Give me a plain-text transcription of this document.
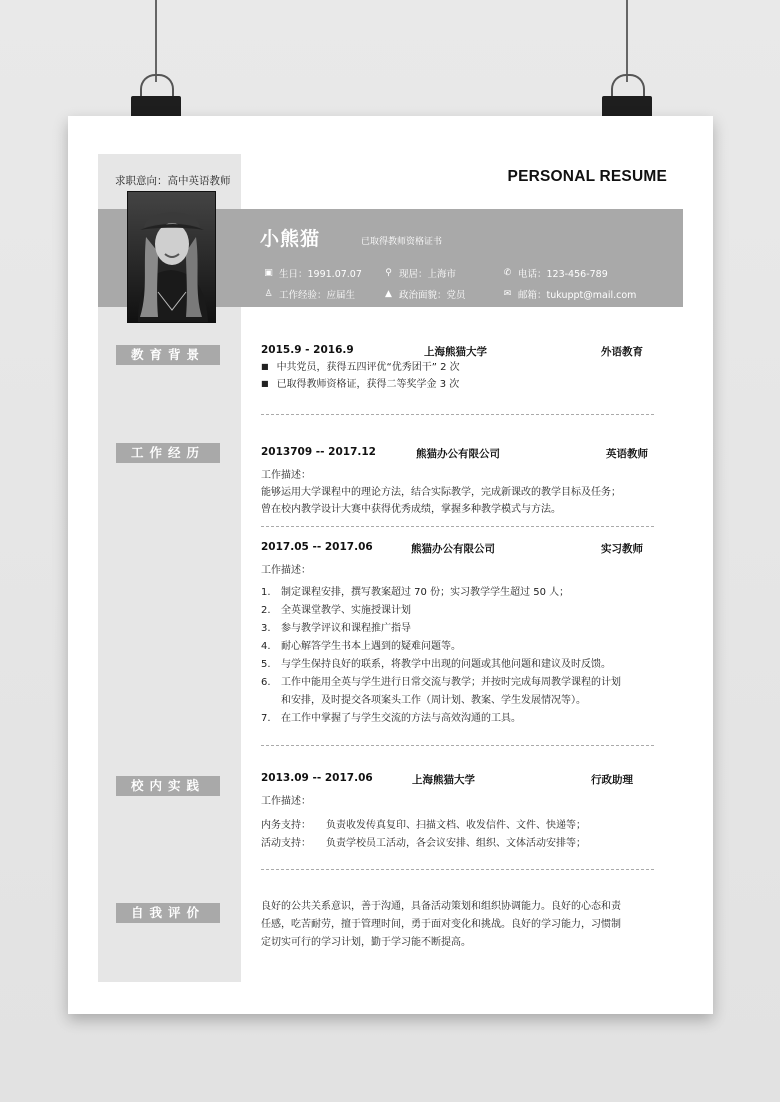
求职意向：高中英语教师	PERSONAL RESUME
小熊猫	已取得教师资格证书
▣ 生日：1991.07.07	⚲ 现居：上海市	✆ 电话：123-456-789
♙ 工作经验：应届生	▲ 政治面貌：党员	✉ 邮箱：tukuppt@mail.com
教育背景
工作经历
校内实践
自我评价
2015.9 - 2016.9	上海熊猫大学	外语教育
■ 中共党员，获得五四评优“优秀团干” 2 次
■ 已取得教师资格证，获得二等奖学金 3 次
2013709 -- 2017.12	熊猫办公有限公司	英语教师
工作描述：
能够运用大学课程中的理论方法，结合实际教学，完成新课改的教学目标及任务；
曾在校内教学设计大赛中获得优秀成绩，掌握多种教学模式与方法。
2017.05 -- 2017.06	熊猫办公有限公司	实习教师
工作描述：
1. 制定课程安排，撰写教案超过 70 份；实习教学学生超过 50 人；
2. 全英课堂教学、实施授课计划
3. 参与教学评议和课程推广指导
4. 耐心解答学生书本上遇到的疑难问题等。
5. 与学生保持良好的联系，将教学中出现的问题或其他问题和建议及时反馈。
6. 工作中能用全英与学生进行日常交流与教学；并按时完成每周教学课程的计划
和安排，及时提交各项案头工作（周计划、教案、学生发展情况等）。
7. 在工作中掌握了与学生交流的方法与高效沟通的工具。
2013.09 -- 2017.06	上海熊猫大学	行政助理
工作描述：
内务支持： 负责收发传真复印、扫描文档、收发信件、文件、快递等；
活动支持： 负责学校员工活动，各会议安排、组织、文体活动安排等；
良好的公共关系意识，善于沟通，具备活动策划和组织协调能力。良好的心态和责
任感，吃苦耐劳，擅于管理时间，勇于面对变化和挑战。良好的学习能力，习惯制
定切实可行的学习计划，勤于学习能不断提高。
